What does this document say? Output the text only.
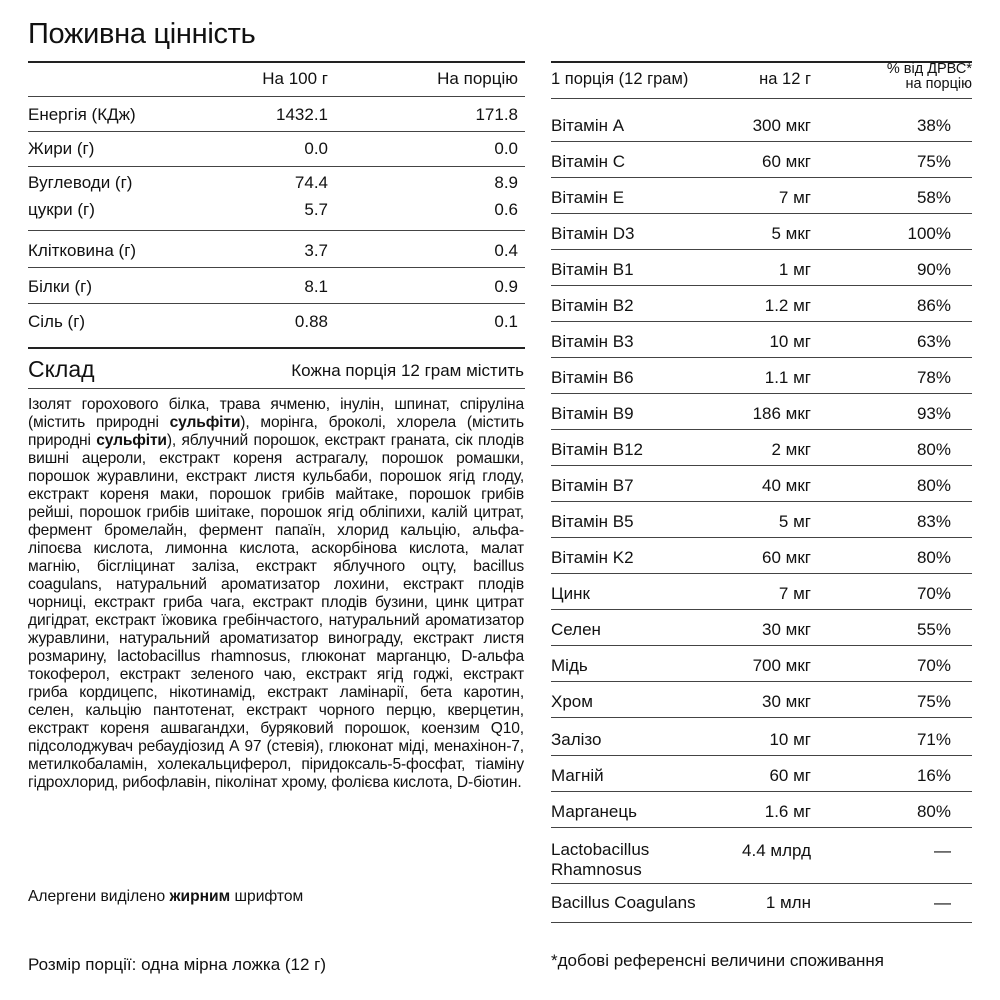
Поживна цінність
На 100 г	На порцію
Енергія (КДж)	1432.1	171.8
Жири (г)	0.0	0.0
Вуглеводи (г)	74.4	8.9
цукри (г)	5.7	0.6
Клітковина (г)	3.7	0.4
Білки (г)	8.1	0.9
Сіль (г)	0.88	0.1
Склад	Кожна порція 12 грам містить
Ізолят горохового білка, трава ячменю, інулін, шпинат, спіруліна (містить природні сульфіти), морінга, броколі, хлорела (містить природні сульфіти), яблучний порошок, екстракт граната, сік плодів вишні ацероли, екстракт кореня астрагалу, порошок ромашки, порошок журавлини, екстракт листя кульбаби, порошок ягід глоду, екстракт кореня маки, порошок грибів майтаке, порошок грибів рейші, порошок грибів шиітаке, порошок ягід обліпихи, калій цитрат, фермент бромелайн, фермент папаїн, хлорид кальцію, альфа-ліпоєва кислота, лимонна кислота, аскорбінова кислота, малат магнію, бісгліцинат заліза, екстракт яблучного оцту, bacillus coagulans, натуральний ароматизатор лохини, екстракт плодів чорниці, екстракт гриба чага, екстракт плодів бузини, цинк цитрат дигідрат, екстракт їжовика гребінчастого, натуральний ароматизатор журавлини, натуральний ароматизатор винограду, екстракт листя розмарину, lactobacillus rhamnosus, глюконат марганцю, D-альфа токоферол, екстракт зеленого чаю, екстракт ягід годжі, екстракт гриба кордицепс, нікотинамід, екстракт ламінарії, бета каротин, селен, кальцію пантотенат, екстракт чорного перцю, кверцетин, екстракт кореня ашвагандхи, буряковий порошок, коензим Q10, підсолоджувач ребаудіозид А 97 (стевія), глюконат міді, менахінон-7, метилкобаламін, холекальциферол, піридоксаль-5-фосфат, тіаміну гідрохлорид, рибофлавін, піколінат хрому, фолієва кислота, D-біотин.
Алергени виділено жирним шрифтом
Розмір порції: одна мірна ложка (12 г)
1 порція (12 грам)	на 12 г
% від ДРВС*
на порцію
Вітамін A	300 мкг	38%
Вітамін C	60 мкг	75%
Вітамін E	7 мг	58%
Вітамін D3	5 мкг	100%
Вітамін B1	1 мг	90%
Вітамін B2	1.2 мг	86%
Вітамін B3	10 мг	63%
Вітамін B6	1.1 мг	78%
Вітамін B9	186 мкг	93%
Вітамін B12	2 мкг	80%
Вітамін B7	40 мкг	80%
Вітамін B5	5 мг	83%
Вітамін K2	60 мкг	80%
Цинк	7 мг	70%
Селен	30 мкг	55%
Мідь	700 мкг	70%
Хром	30 мкг	75%
Залізо	10 мг	71%
Магній	60 мг	16%
Марганець	1.6 мг	80%
Lactobacillus Rhamnosus
4.4 млрд	—
Bacillus Coagulans	1 млн	—
*добові референсні величини споживання
